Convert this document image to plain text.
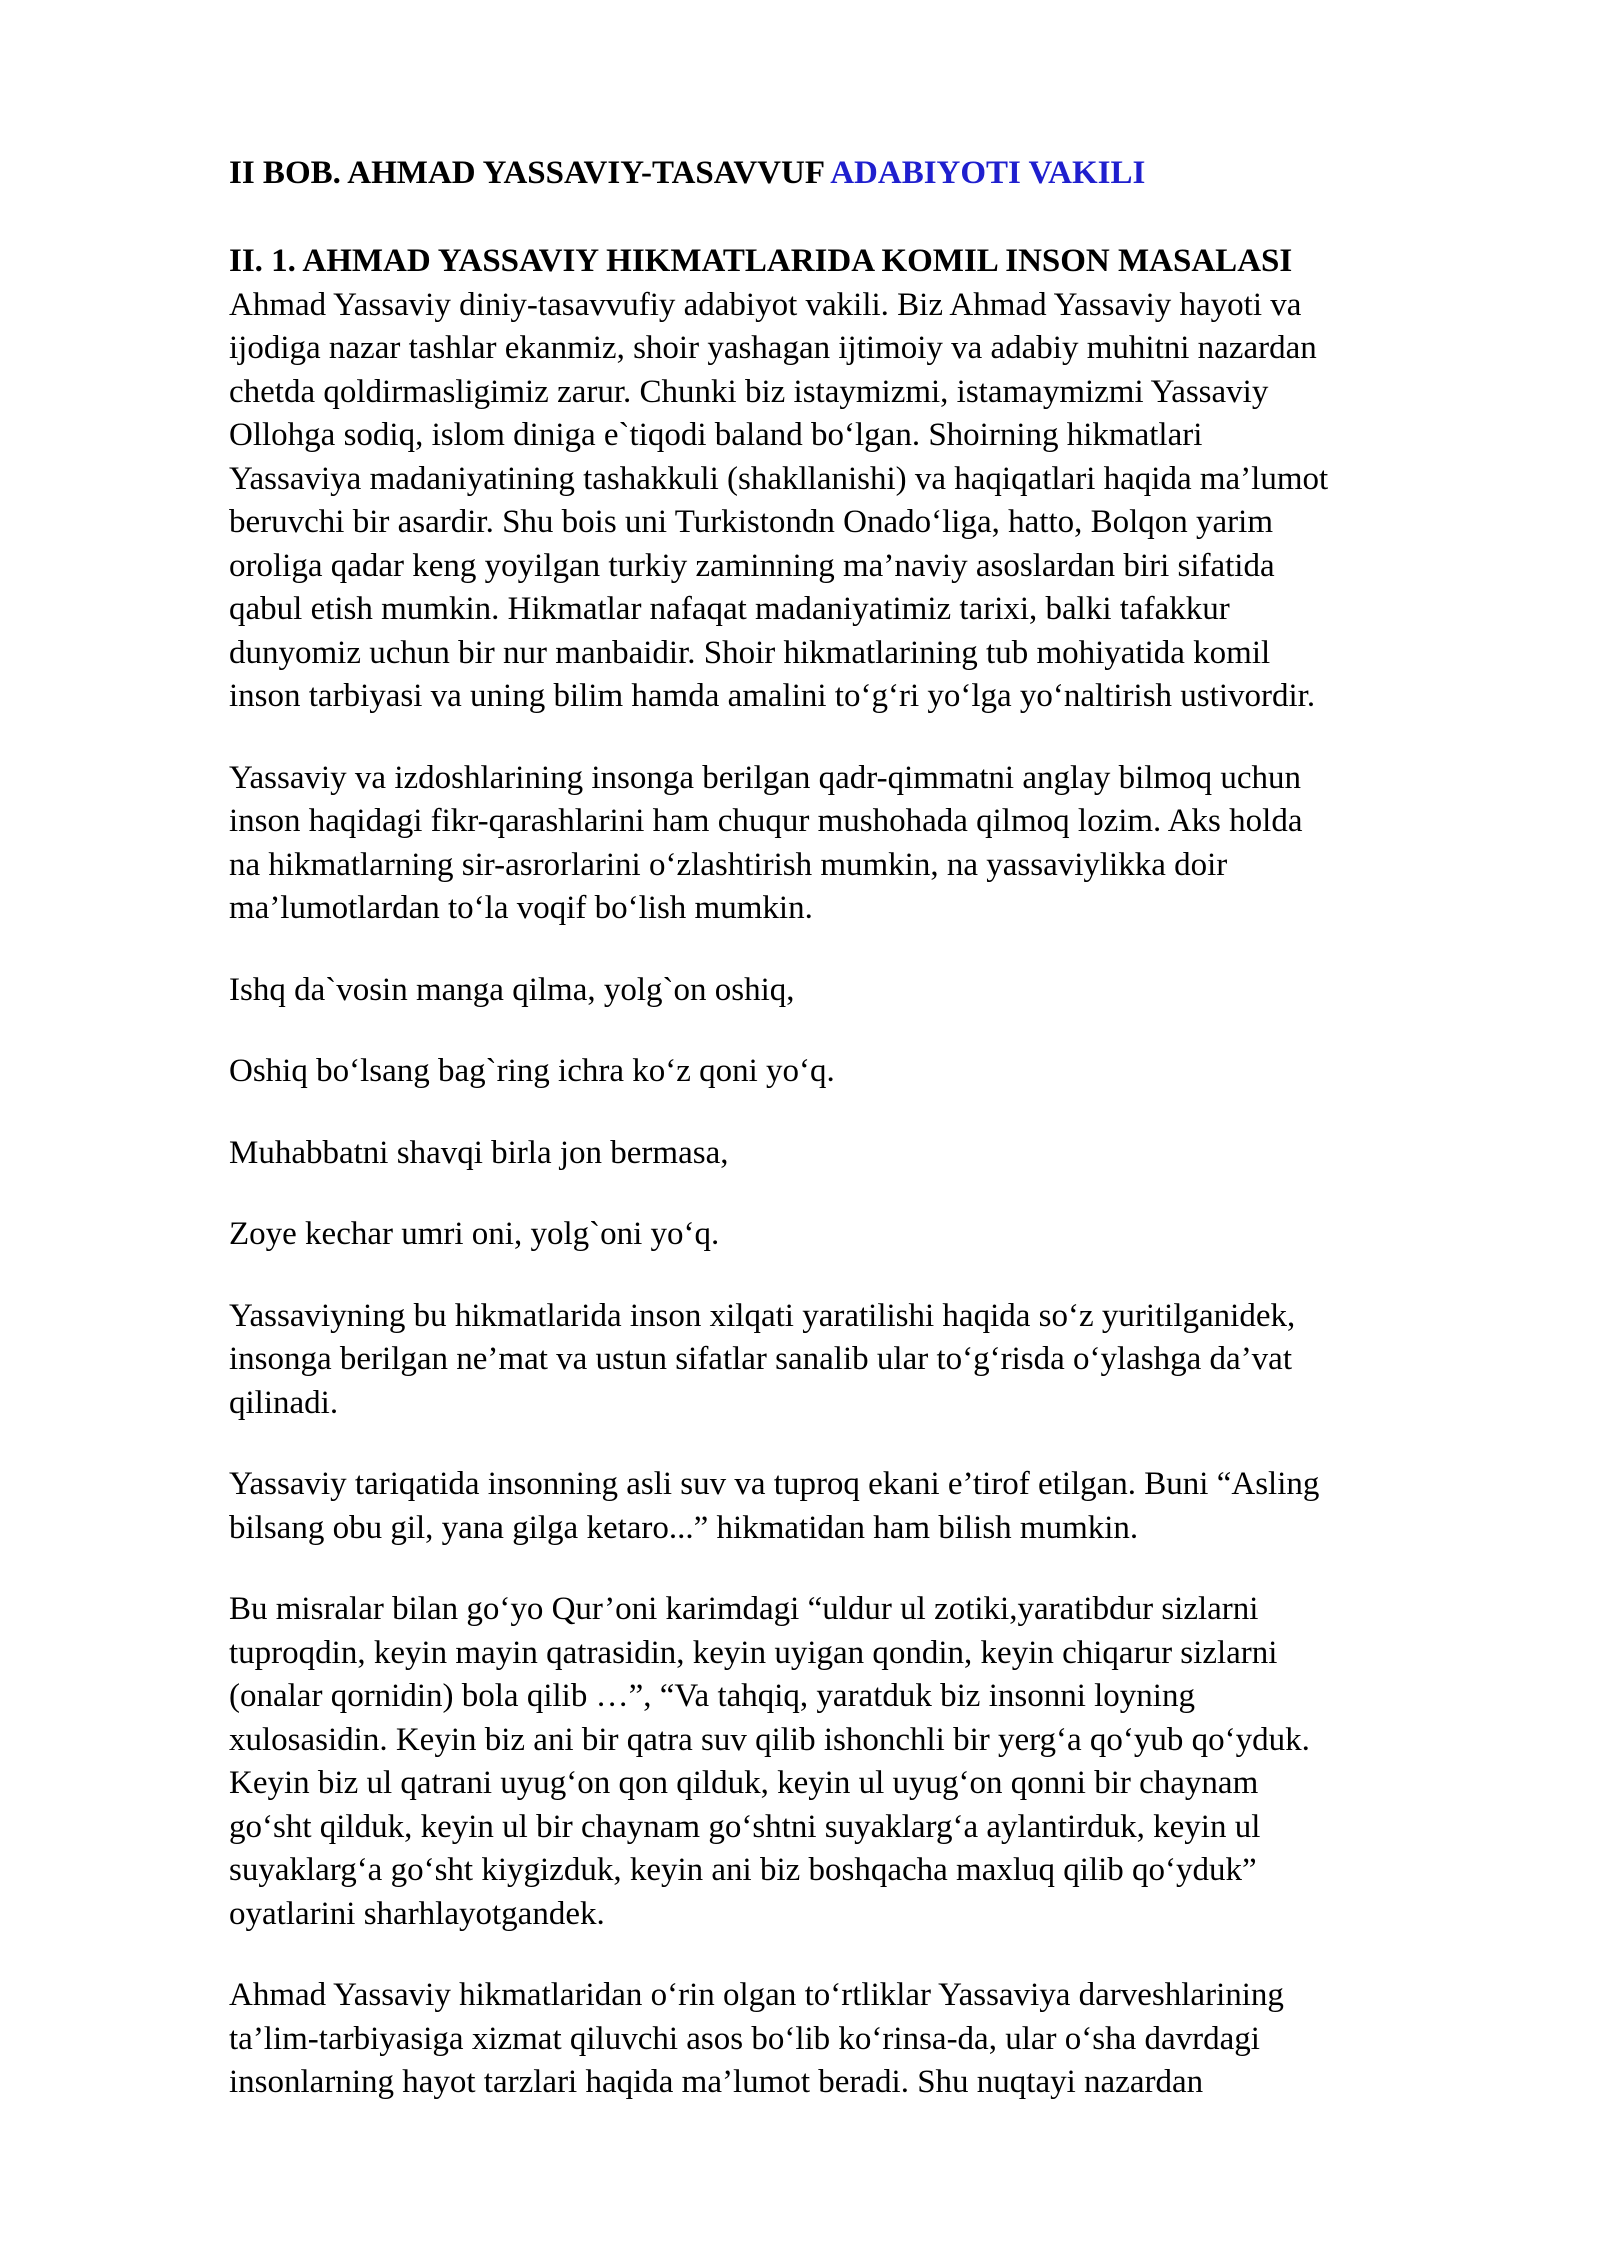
II BOB. AHMAD YASSAVIY-TASAVVUF ADABIYOTI VAKILI
II. 1. AHMAD YASSAVIY HIKMATLARIDA KOMIL INSON MASALASI

Ahmad Yassaviy diniy-tasavvufiy adabiyot vakili. Biz Ahmad Yassaviy hayoti va
ijodiga nazar tashlar ekanmiz, shoir yashagan ijtimoiy va adabiy muhitni nazardan
chetda qoldirmasligimiz zarur. Chunki biz istaymizmi, istamaymizmi Yassaviy
Ollohga sodiq, islom diniga e`tiqodi baland bo‘lgan. Shoirning hikmatlari
Yassaviya madaniyatining tashakkuli (shakllanishi) va haqiqatlari haqida ma’lumot
beruvchi bir asardir. Shu bois uni Turkistondn Onado‘liga, hatto, Bolqon yarim
oroliga qadar keng yoyilgan turkiy zaminning ma’naviy asoslardan biri sifatida
qabul etish mumkin. Hikmatlar nafaqat madaniyatimiz tarixi, balki tafakkur
dunyomiz uchun bir nur manbaidir. Shoir hikmatlarining tub mohiyatida komil
inson tarbiyasi va uning bilim hamda amalini to‘g‘ri yo‘lga yo‘naltirish ustivordir.

Yassaviy va izdoshlarining insonga berilgan qadr-qimmatni anglay bilmoq uchun
inson haqidagi fikr-qarashlarini ham chuqur mushohada qilmoq lozim. Aks holda
na hikmatlarning sir-asrorlarini o‘zlashtirish mumkin, na yassaviylikka doir
ma’lumotlardan to‘la voqif bo‘lish mumkin.

Ishq da`vosin manga qilma, yolg`on oshiq,

Oshiq bo‘lsang bag`ring ichra ko‘z qoni yo‘q.

Muhabbatni shavqi birla jon bermasa,

Zoye kechar umri oni, yolg`oni yo‘q.

Yassaviyning bu hikmatlarida inson xilqati yaratilishi haqida so‘z yuritilganidek,
insonga berilgan ne’mat va ustun sifatlar sanalib ular to‘g‘risda o‘ylashga da’vat
qilinadi.

Yassaviy tariqatida insonning asli suv va tuproq ekani e’tirof etilgan. Buni “Asling
bilsang obu gil, yana gilga ketaro...” hikmatidan ham bilish mumkin.

Bu misralar bilan go‘yo Qur’oni karimdagi “uldur ul zotiki,yaratibdur sizlarni
tuproqdin, keyin mayin qatrasidin, keyin uyigan qondin, keyin chiqarur sizlarni
(onalar qornidin) bola qilib …”, “Va tahqiq, yaratduk biz insonni loyning
xulosasidin. Keyin biz ani bir qatra suv qilib ishonchli bir yerg‘a qo‘yub qo‘yduk.
Keyin biz ul qatrani uyug‘on qon qilduk, keyin ul uyug‘on qonni bir chaynam
go‘sht qilduk, keyin ul bir chaynam go‘shtni suyaklarg‘a aylantirduk, keyin ul
suyaklarg‘a go‘sht kiygizduk, keyin ani biz boshqacha maxluq qilib qo‘yduk”
oyatlarini sharhlayotgandek.

Ahmad Yassaviy hikmatlaridan o‘rin olgan to‘rtliklar Yassaviya darveshlarining
ta’lim-tarbiyasiga xizmat qiluvchi asos bo‘lib ko‘rinsa-da, ular o‘sha davrdagi
insonlarning hayot tarzlari haqida ma’lumot beradi. Shu nuqtayi nazardan
